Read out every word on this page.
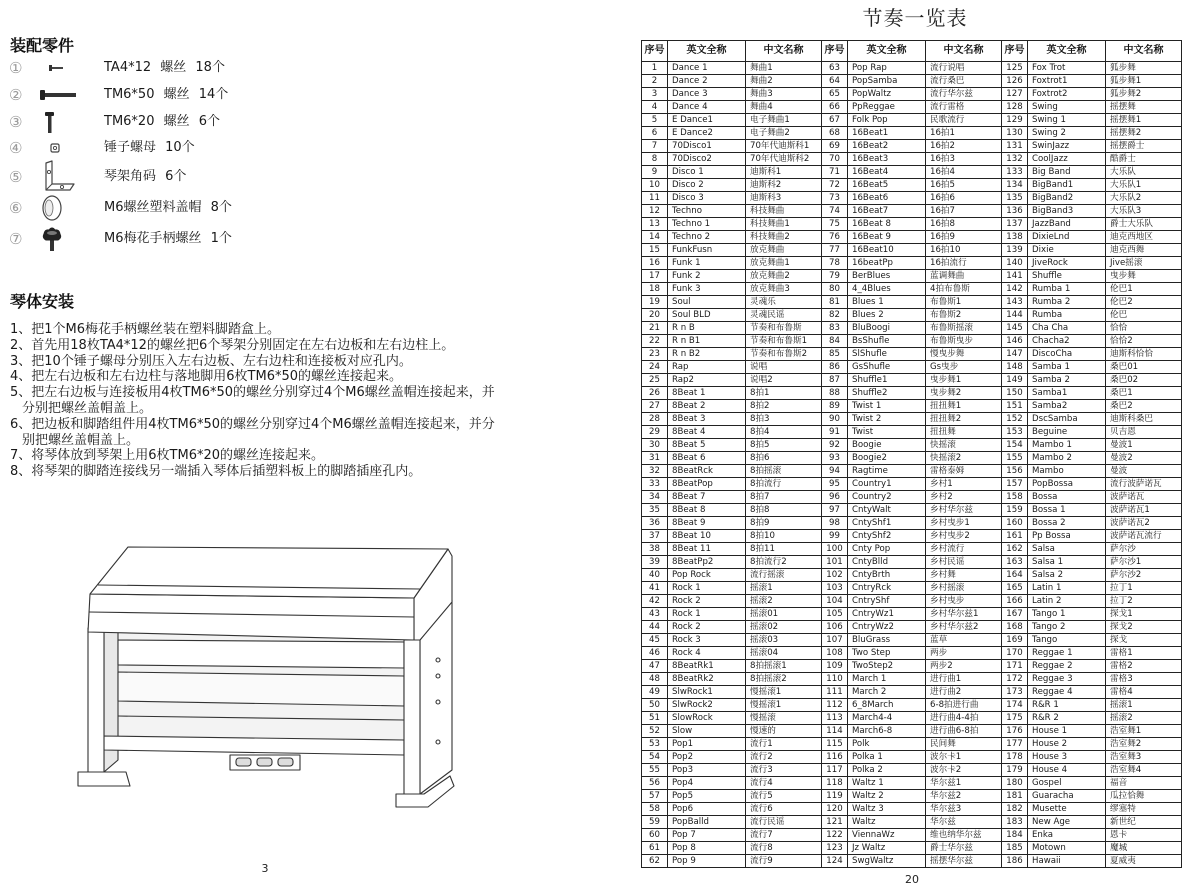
装配零件
①	TA4*12 螺丝 18个
②	TM6*50 螺丝 14个
③	TM6*20 螺丝 6个
④	锤子螺母 10个
⑤	琴架角码 6个
⑥	M6螺丝塑料盖帽 8个
⑦	M6梅花手柄螺丝 1个
琴体安装
1、把1个M6梅花手柄螺丝装在塑料脚踏盒上。
2、首先用18枚TA4*12的螺丝把6个琴架分别固定在左右边板和左右边柱上。
3、把10个锤子螺母分别压入左右边板、左右边柱和连接板对应孔内。
4、把左右边板和左右边柱与落地脚用6枚TM6*50的螺丝连接起来。
5、把左右边板与连接板用4枚TM6*50的螺丝分别穿过4个M6螺丝盖帽连接起来，并分别把螺丝盖帽盖上。
6、把边板和脚踏组件用4枚TM6*50的螺丝分别穿过4个M6螺丝盖帽连接起来，并分别把螺丝盖帽盖上。
7、将琴体放到琴架上用6枚TM6*20的螺丝连接起来。
8、将琴架的脚踏连接线另一端插入琴体后插塑料板上的脚踏插座孔内。
3
节奏一览表
序号	英文全称	中文名称	序号	英文全称	中文名称	序号	英文全称	中文名称
1	Dance 1	舞曲1	63	Pop Rap	流行说唱	125	Fox Trot	狐步舞
2	Dance 2	舞曲2	64	PopSamba	流行桑巴	126	Foxtrot1	狐步舞1
3	Dance 3	舞曲3	65	PopWaltz	流行华尔兹	127	Foxtrot2	狐步舞2
4	Dance 4	舞曲4	66	PpReggae	流行雷格	128	Swing	摇摆舞
5	E Dance1	电子舞曲1	67	Folk Pop	民歌流行	129	Swing 1	摇摆舞1
6	E Dance2	电子舞曲2	68	16Beat1	16拍1	130	Swing 2	摇摆舞2
7	70Disco1	70年代迪斯科1	69	16Beat2	16拍2	131	SwinJazz	摇摆爵士
8	70Disco2	70年代迪斯科2	70	16Beat3	16拍3	132	CoolJazz	酷爵士
9	Disco 1	迪斯科1	71	16Beat4	16拍4	133	Big Band	大乐队
10	Disco 2	迪斯科2	72	16Beat5	16拍5	134	BigBand1	大乐队1
11	Disco 3	迪斯科3	73	16Beat6	16拍6	135	BigBand2	大乐队2
12	Techno	科技舞曲	74	16Beat7	16拍7	136	BigBand3	大乐队3
13	Techno 1	科技舞曲1	75	16Beat 8	16拍8	137	JazzBand	爵士大乐队
14	Techno 2	科技舞曲2	76	16Beat 9	16拍9	138	DixieLnd	迪克西地区
15	FunkFusn	放克舞曲	77	16Beat10	16拍10	139	Dixie	迪克西舞
16	Funk 1	放克舞曲1	78	16beatPp	16拍流行	140	JiveRock	Jive摇滚
17	Funk 2	放克舞曲2	79	BerBlues	蓝调舞曲	141	Shuffle	曳步舞
18	Funk 3	放克舞曲3	80	4_4Blues	4拍布鲁斯	142	Rumba 1	伦巴1
19	Soul	灵魂乐	81	Blues 1	布鲁斯1	143	Rumba 2	伦巴2
20	Soul BLD	灵魂民谣	82	Blues 2	布鲁斯2	144	Rumba	伦巴
21	R n B	节奏和布鲁斯	83	BluBoogi	布鲁斯摇滚	145	Cha Cha	恰恰
22	R n B1	节奏和布鲁斯1	84	BsShufle	布鲁斯曳步	146	Chacha2	恰恰2
23	R n B2	节奏和布鲁斯2	85	SlShufle	慢曳步舞	147	DiscoCha	迪斯科恰恰
24	Rap	说唱	86	GsShufle	Gs曳步	148	Samba 1	桑巴01
25	Rap2	说唱2	87	Shuffle1	曳步舞1	149	Samba 2	桑巴02
26	8Beat 1	8拍1	88	Shuffle2	曳步舞2	150	Samba1	桑巴1
27	8Beat 2	8拍2	89	Twist 1	扭扭舞1	151	Samba2	桑巴2
28	8Beat 3	8拍3	90	Twist 2	扭扭舞2	152	DscSamba	迪斯科桑巴
29	8Beat 4	8拍4	91	Twist	扭扭舞	153	Beguine	贝吉恩
30	8Beat 5	8拍5	92	Boogie	快摇滚	154	Mambo 1	曼波1
31	8Beat 6	8拍6	93	Boogie2	快摇滚2	155	Mambo 2	曼波2
32	8BeatRck	8拍摇滚	94	Ragtime	雷格泰姆	156	Mambo	曼波
33	8BeatPop	8拍流行	95	Country1	乡村1	157	PopBossa	流行波萨诺瓦
34	8Beat 7	8拍7	96	Country2	乡村2	158	Bossa	波萨诺瓦
35	8Beat 8	8拍8	97	CntyWalt	乡村华尔兹	159	Bossa 1	波萨诺瓦1
36	8Beat 9	8拍9	98	CntyShf1	乡村曳步1	160	Bossa 2	波萨诺瓦2
37	8Beat 10	8拍10	99	CntyShf2	乡村曳步2	161	Pp Bossa	波萨诺瓦流行
38	8Beat 11	8拍11	100	Cnty Pop	乡村流行	162	Salsa	萨尔沙
39	8BeatPp2	8拍流行2	101	CntyBlld	乡村民谣	163	Salsa 1	萨尔沙1
40	Pop Rock	流行摇滚	102	CntyBrth	乡村舞	164	Salsa 2	萨尔沙2
41	Rock 1	摇滚1	103	CntryRck	乡村摇滚	165	Latin 1	拉丁1
42	Rock 2	摇滚2	104	CntryShf	乡村曳步	166	Latin 2	拉丁2
43	Rock 1	摇滚01	105	CntryWz1	乡村华尔兹1	167	Tango 1	探戈1
44	Rock 2	摇滚02	106	CntryWz2	乡村华尔兹2	168	Tango 2	探戈2
45	Rock 3	摇滚03	107	BluGrass	蓝草	169	Tango	探戈
46	Rock 4	摇滚04	108	Two Step	两步	170	Reggae 1	雷格1
47	8BeatRk1	8拍摇滚1	109	TwoStep2	两步2	171	Reggae 2	雷格2
48	8BeatRk2	8拍摇滚2	110	March 1	进行曲1	172	Reggae 3	雷格3
49	SlwRock1	慢摇滚1	111	March 2	进行曲2	173	Reggae 4	雷格4
50	SlwRock2	慢摇滚1	112	6_8March	6-8拍进行曲	174	R&R 1	摇滚1
51	SlowRock	慢摇滚	113	March4-4	进行曲4-4拍	175	R&R 2	摇滚2
52	Slow	慢速的	114	March6-8	进行曲6-8拍	176	House 1	浩室舞1
53	Pop1	流行1	115	Polk	民间舞	177	House 2	浩室舞2
54	Pop2	流行2	116	Polka 1	波尔卡1	178	House 3	浩室舞3
55	Pop3	流行3	117	Polka 2	波尔卡2	179	House 4	浩室舞4
56	Pop4	流行4	118	Waltz 1	华尔兹1	180	Gospel	福音
57	Pop5	流行5	119	Waltz 2	华尔兹2	181	Guaracha	瓜拉恰舞
58	Pop6	流行6	120	Waltz 3	华尔兹3	182	Musette	缪塞特
59	PopBalld	流行民谣	121	Waltz	华尔兹	183	New Age	新世纪
60	Pop 7	流行7	122	ViennaWz	维也纳华尔兹	184	Enka	恩卡
61	Pop 8	流行8	123	Jz Waltz	爵士华尔兹	185	Motown	魔城
62	Pop 9	流行9	124	SwgWaltz	摇摆华尔兹	186	Hawaii	夏威夷
20
